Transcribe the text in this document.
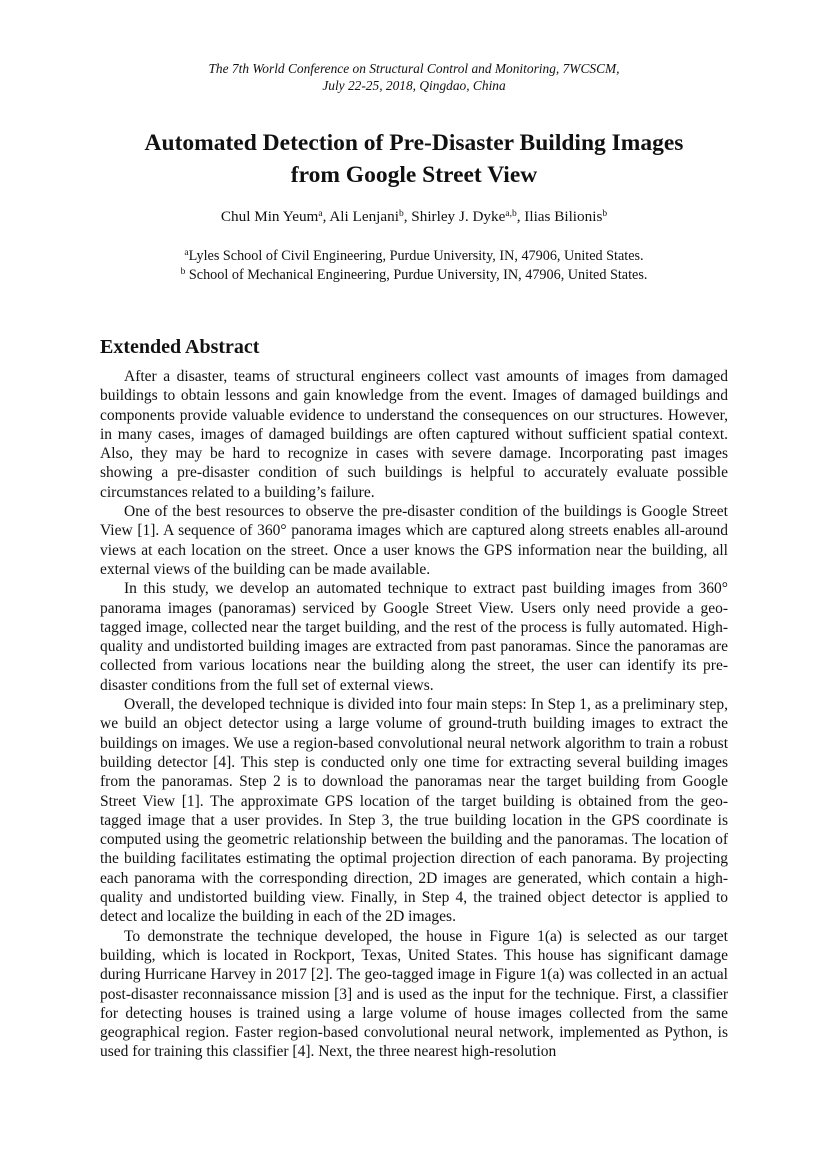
The 7th World Conference on Structural Control and Monitoring, 7WCSCM,
July 22-25, 2018, Qingdao, China
Automated Detection of Pre-Disaster Building Images
from Google Street View
Chul Min Yeum$^a$, Ali Lenjani$^b$, Shirley J. Dyke$^{a,b}$, Ilias Bilionis$^b$
$^a$Lyles School of Civil Engineering, Purdue University, IN, 47906, United States.
$^b$ School of Mechanical Engineering, Purdue University, IN, 47906, United States.
Extended Abstract

After a disaster, teams of structural engineers collect vast amounts of images from damaged buildings to obtain lessons and gain knowledge from the event. Images of damaged buildings and components provide valuable evidence to understand the consequences on our structures. However, in many cases, images of damaged buildings are often captured without sufficient spatial context. Also, they may be hard to recognize in cases with severe damage. Incorporating past images showing a pre-disaster condition of such buildings is helpful to accurately evaluate possible circumstances related to a building’s failure.

One of the best resources to observe the pre-disaster condition of the buildings is Google Street View [1]. A sequence of 360° panorama images which are captured along streets enables all-around views at each location on the street. Once a user knows the GPS information near the building, all external views of the building can be made available.

In this study, we develop an automated technique to extract past building images from 360° panorama images (panoramas) serviced by Google Street View. Users only need provide a geo-tagged image, collected near the target building, and the rest of the process is fully automated. High-quality and undistorted building images are extracted from past panoramas. Since the panoramas are collected from various locations near the building along the street, the user can identify its pre-disaster conditions from the full set of external views.

Overall, the developed technique is divided into four main steps: In Step 1, as a preliminary step, we build an object detector using a large volume of ground-truth building images to extract the buildings on images. We use a region-based convolutional neural network algorithm to train a robust building detector [4]. This step is conducted only one time for extracting several building images from the panoramas. Step 2 is to download the panoramas near the target building from Google Street View [1]. The approximate GPS location of the target building is obtained from the geo-tagged image that a user provides. In Step 3, the true building location in the GPS coordinate is computed using the geometric relationship between the building and the panoramas. The location of the building facilitates estimating the optimal projection direction of each panorama. By projecting each panorama with the corresponding direction, 2D images are generated, which contain a high-quality and undistorted building view. Finally, in Step 4, the trained object detector is applied to detect and localize the building in each of the 2D images.

To demonstrate the technique developed, the house in Figure 1(a) is selected as our target building, which is located in Rockport, Texas, United States. This house has significant damage during Hurricane Harvey in 2017 [2]. The geo-tagged image in Figure 1(a) was collected in an actual post-disaster reconnaissance mission [3] and is used as the input for the technique. First, a classifier for detecting houses is trained using a large volume of house images collected from the same geographical region. Faster region-based convolutional neural network, implemented as Python, is used for training this classifier [4]. Next, the three nearest high-resolution
